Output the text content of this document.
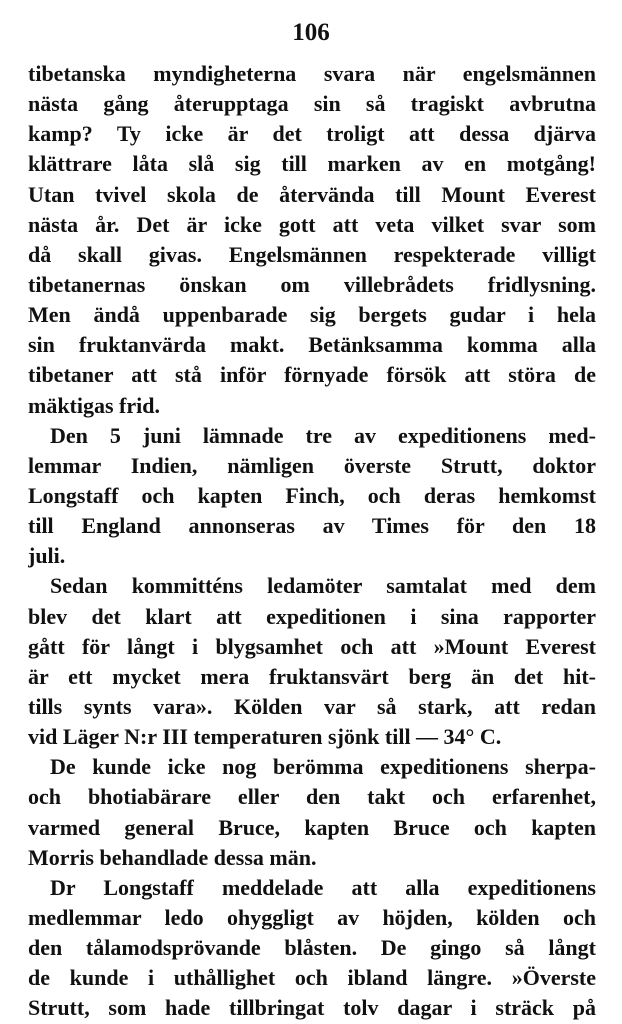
106
tibetanska myndigheterna svara när engelsmännen
nästa gång återupptaga sin så tragiskt avbrutna
kamp? Ty icke är det troligt att dessa djärva
klättrare låta slå sig till marken av en motgång!
Utan tvivel skola de återvända till Mount Everest
nästa år. Det är icke gott att veta vilket svar som
då skall givas. Engelsmännen respekterade villigt
tibetanernas önskan om villebrådets fridlysning.
Men ändå uppenbarade sig bergets gudar i hela
sin fruktanvärda makt. Betänksamma komma alla
tibetaner att stå inför förnyade försök att störa de
mäktigas frid.
Den 5 juni lämnade tre av expeditionens med-
lemmar Indien, nämligen överste Strutt, doktor
Longstaff och kapten Finch, och deras hemkomst
till England annonseras av Times för den 18
juli.
Sedan kommitténs ledamöter samtalat med dem
blev det klart att expeditionen i sina rapporter
gått för långt i blygsamhet och att »Mount Everest
är ett mycket mera fruktansvärt berg än det hit-
tills synts vara». Kölden var så stark, att redan
vid Läger N:r III temperaturen sjönk till — 34° C.
De kunde icke nog berömma expeditionens sherpa-
och bhotiabärare eller den takt och erfarenhet,
varmed general Bruce, kapten Bruce och kapten
Morris behandlade dessa män.
Dr Longstaff meddelade att alla expeditionens
medlemmar ledo ohyggligt av höjden, kölden och
den tålamodsprövande blåsten. De gingo så långt
de kunde i uthållighet och ibland längre. »Överste
Strutt, som hade tillbringat tolv dagar i sträck på
